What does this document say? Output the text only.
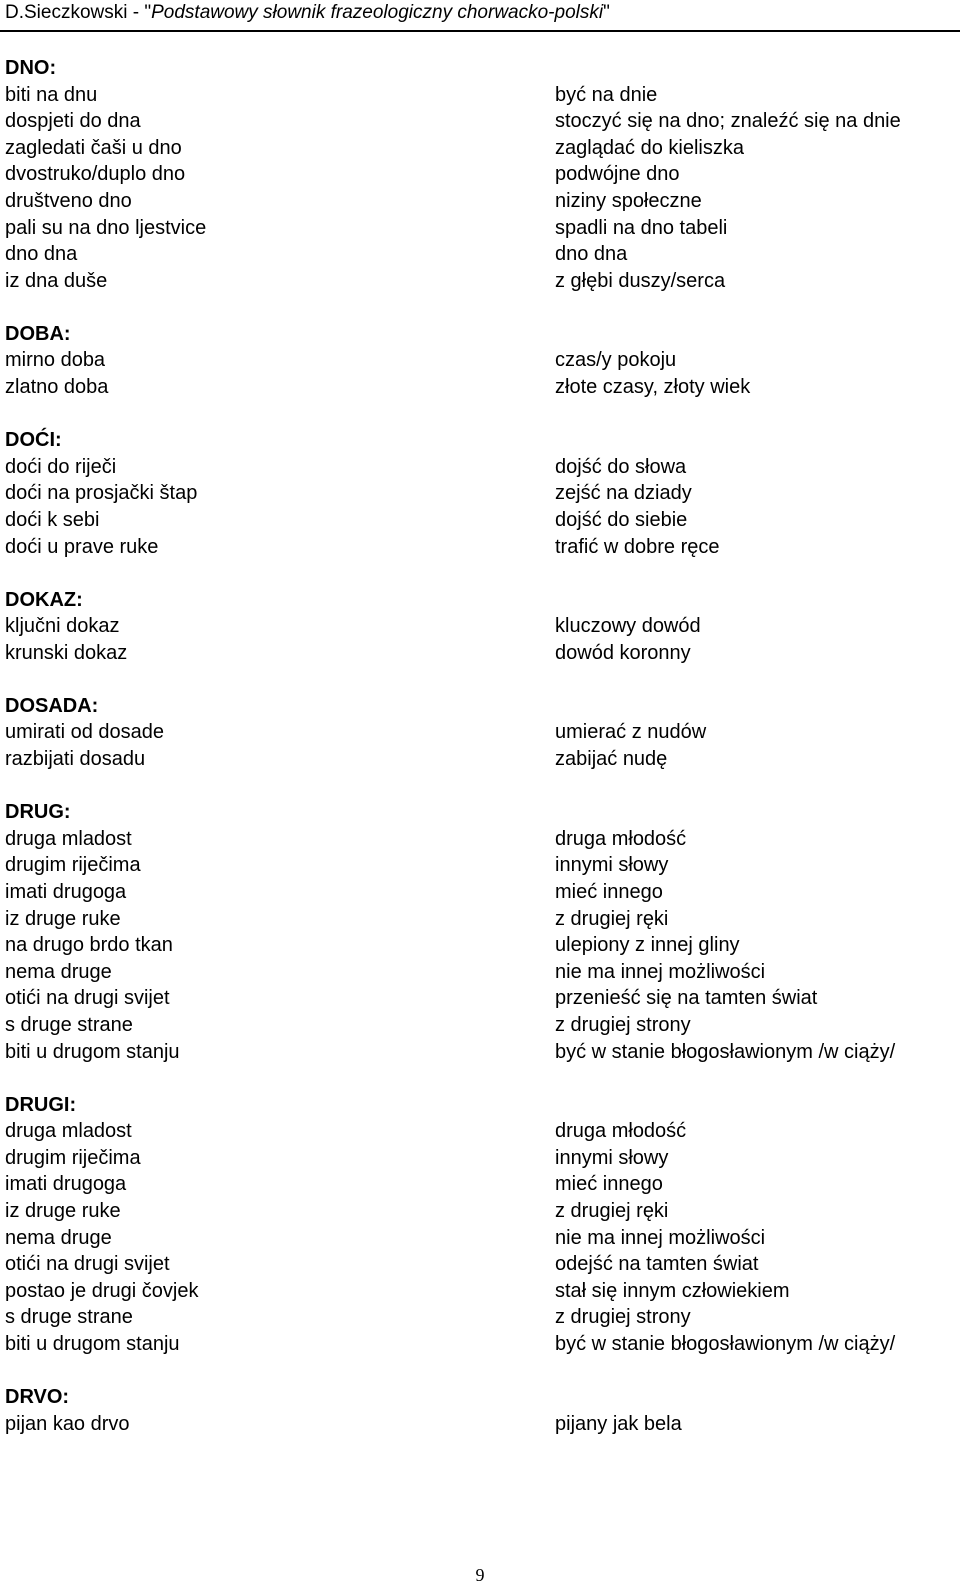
D.Sieczkowski - "Podstawowy słownik frazeologiczny chorwacko-polski"
DNO:
biti na dnu	być na dnie
dospjeti do dna	stoczyć się na dno; znaleźć się na dnie
zagledati čaši u dno	zaglądać do kieliszka
dvostruko/duplo dno	podwójne dno
društveno dno	niziny społeczne
pali su na dno ljestvice	spadli na dno tabeli
dno dna	dno dna
iz dna duše	z głębi duszy/serca
DOBA:
mirno doba	czas/y pokoju
zlatno doba	złote czasy, złoty wiek
DOĆI:
doći do riječi	dojść do słowa
doći na prosjački štap	zejść na dziady
doći k sebi	dojść do siebie
doći u prave ruke	trafić w dobre ręce
DOKAZ:
ključni dokaz	kluczowy dowód
krunski dokaz	dowód koronny
DOSADA:
umirati od dosade	umierać z nudów
razbijati dosadu	zabijać nudę
DRUG:
druga mladost	druga młodość
drugim riječima	innymi słowy
imati drugoga	mieć innego
iz druge ruke	z drugiej ręki
na drugo brdo tkan	ulepiony z innej gliny
nema druge	nie ma innej możliwości
otići na drugi svijet	przenieść się na tamten świat
s druge strane	z drugiej strony
biti u drugom stanju	być w stanie błogosławionym /w ciąży/
DRUGI:
druga mladost	druga młodość
drugim riječima	innymi słowy
imati drugoga	mieć innego
iz druge ruke	z drugiej ręki
nema druge	nie ma innej możliwości
otići na drugi svijet	odejść na tamten świat
postao je drugi čovjek	stał się innym człowiekiem
s druge strane	z drugiej strony
biti u drugom stanju	być w stanie błogosławionym /w ciąży/
DRVO:
pijan kao drvo	pijany jak bela
9
